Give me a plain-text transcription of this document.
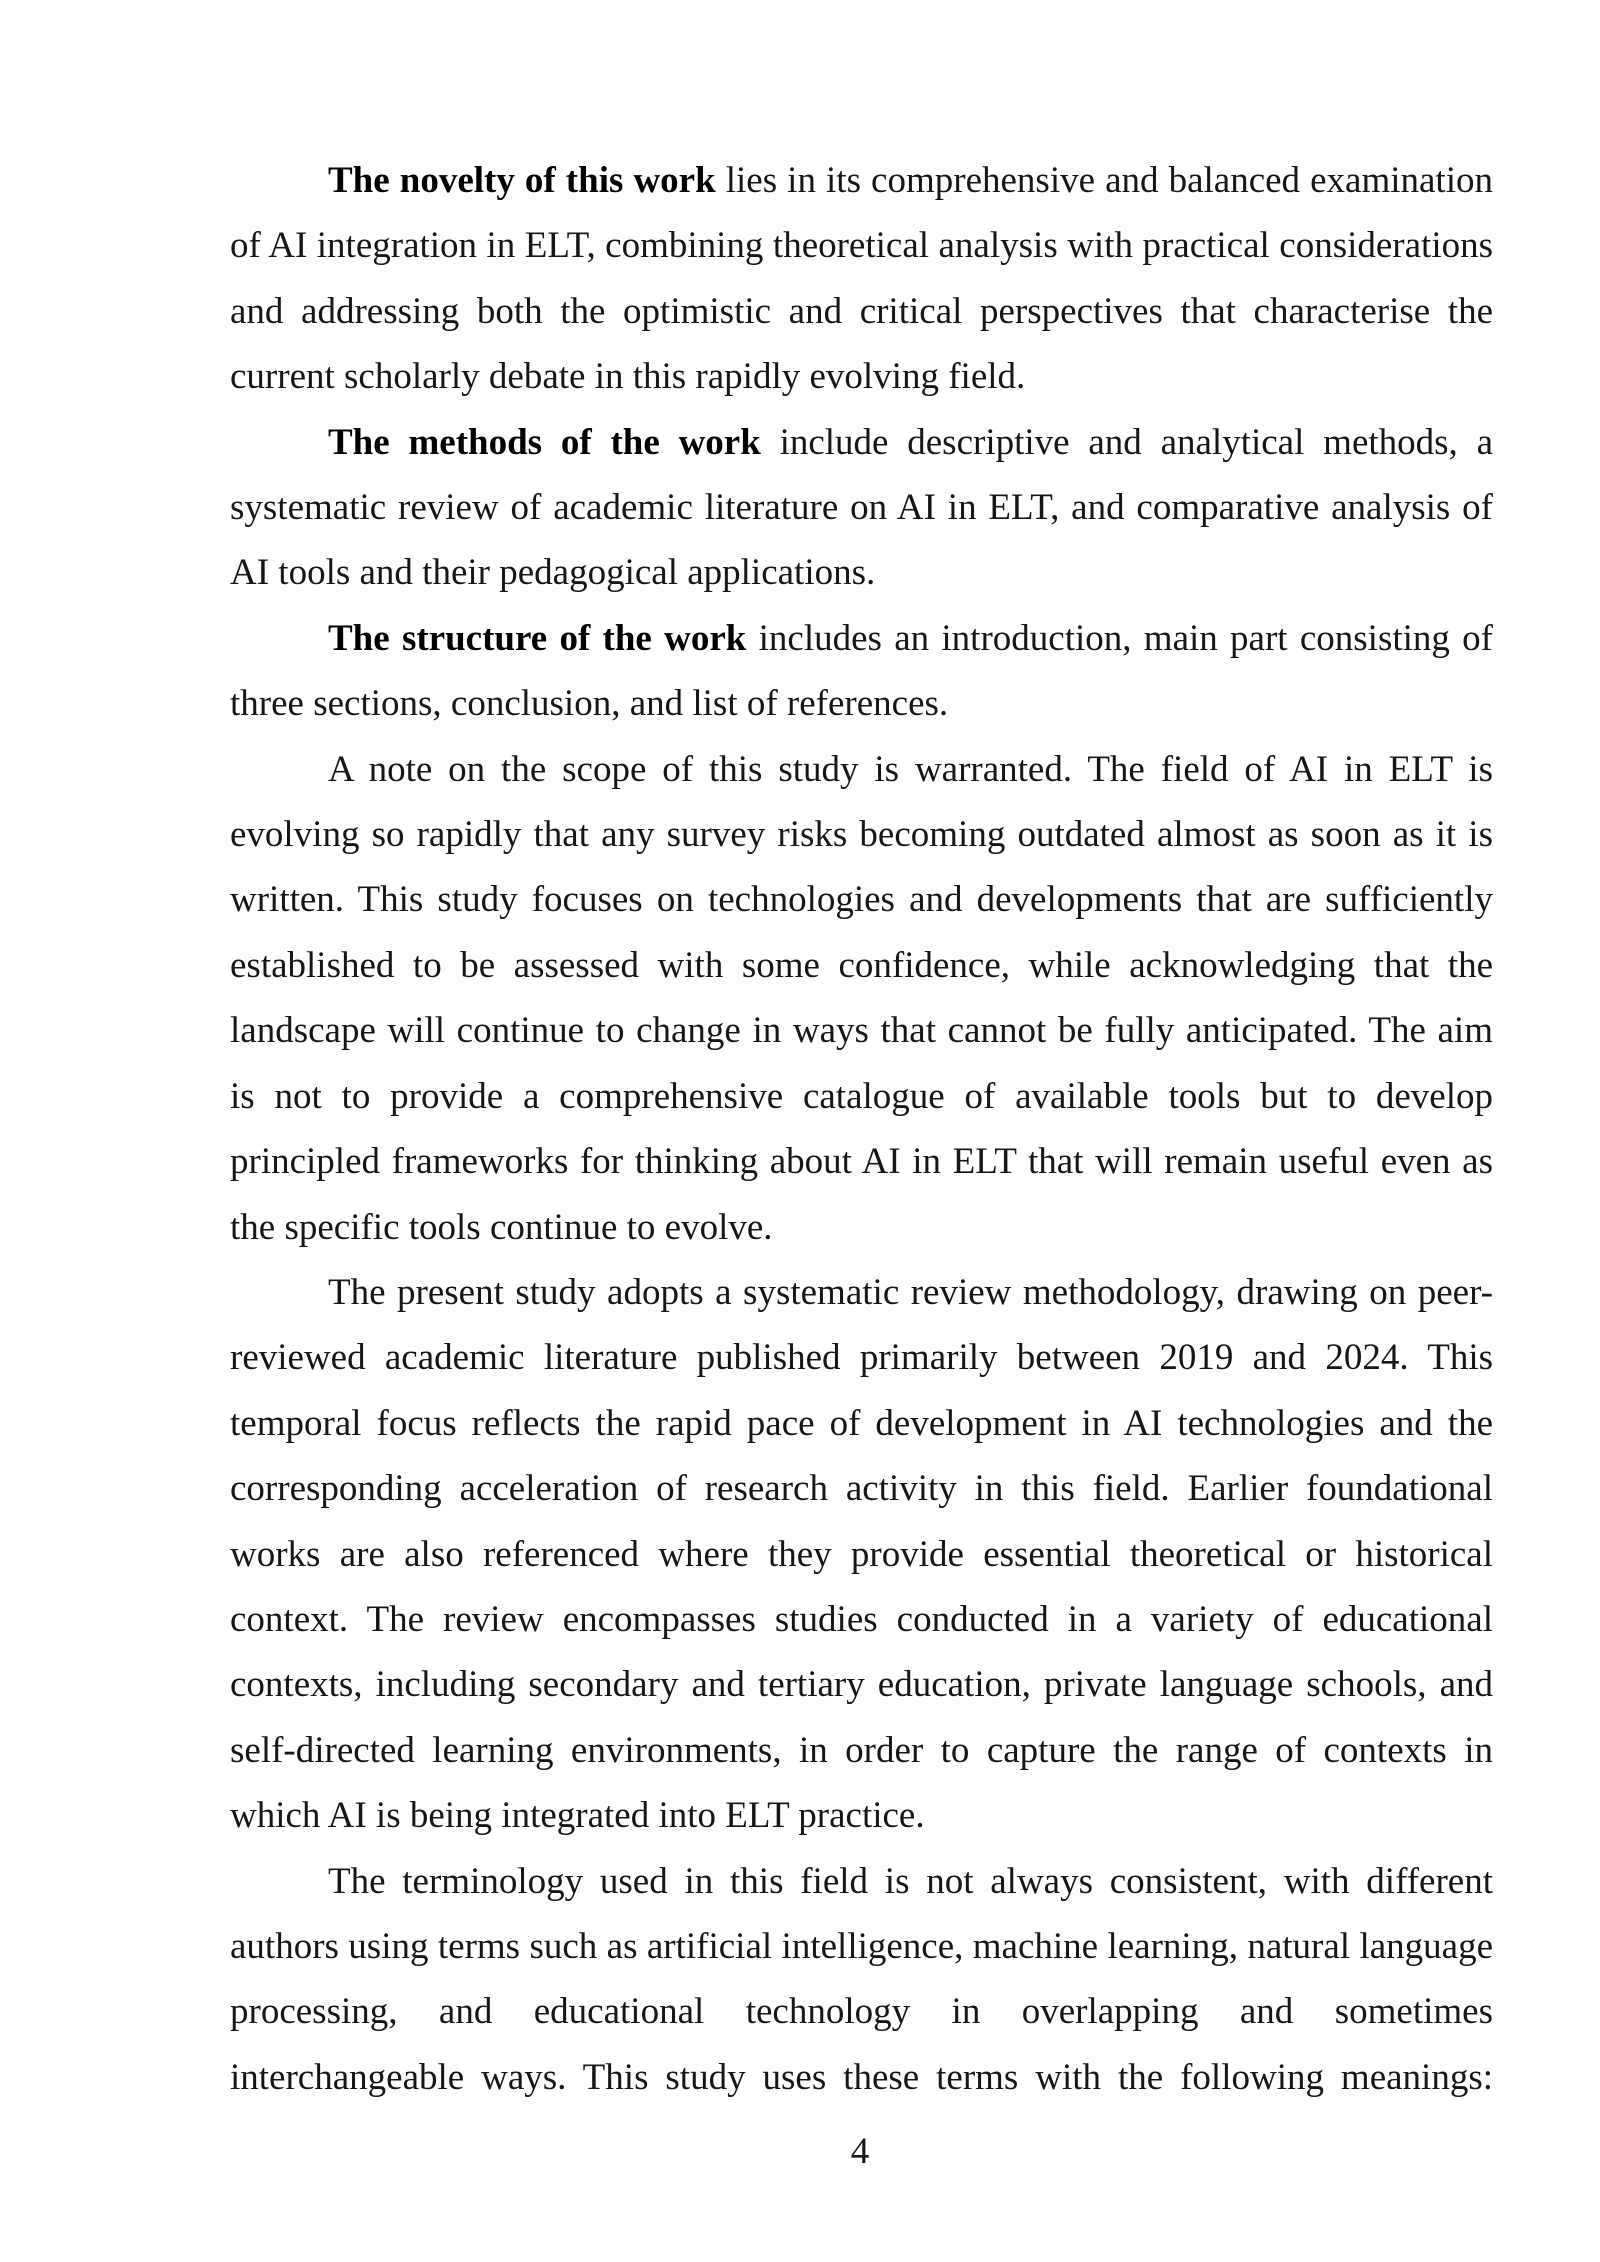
The novelty of this work lies in its comprehensive and balanced examination of AI integration in ELT, combining theoretical analysis with practical considerations and addressing both the optimistic and critical perspectives that characterise the current scholarly debate in this rapidly evolving field.

The methods of the work include descriptive and analytical methods, a systematic review of academic literature on AI in ELT, and comparative analysis of AI tools and their pedagogical applications.

The structure of the work includes an introduction, main part consisting of three sections, conclusion, and list of references.

A note on the scope of this study is warranted. The field of AI in ELT is evolving so rapidly that any survey risks becoming outdated almost as soon as it is written. This study focuses on technologies and developments that are sufficiently established to be assessed with some confidence, while acknowledging that the landscape will continue to change in ways that cannot be fully anticipated. The aim is not to provide a comprehensive catalogue of available tools but to develop principled frameworks for thinking about AI in ELT that will remain useful even as the specific tools continue to evolve.

The present study adopts a systematic review methodology, drawing on peer-reviewed academic literature published primarily between 2019 and 2024. This temporal focus reflects the rapid pace of development in AI technologies and the corresponding acceleration of research activity in this field. Earlier foundational works are also referenced where they provide essential theoretical or historical context. The review encompasses studies conducted in a variety of educational contexts, including secondary and tertiary education, private language schools, and self-directed learning environments, in order to capture the range of contexts in which AI is being integrated into ELT practice.

The terminology used in this field is not always consistent, with different authors using terms such as artificial intelligence, machine learning, natural language processing, and educational technology in overlapping and sometimes interchangeable ways. This study uses these terms with the following meanings:

4
